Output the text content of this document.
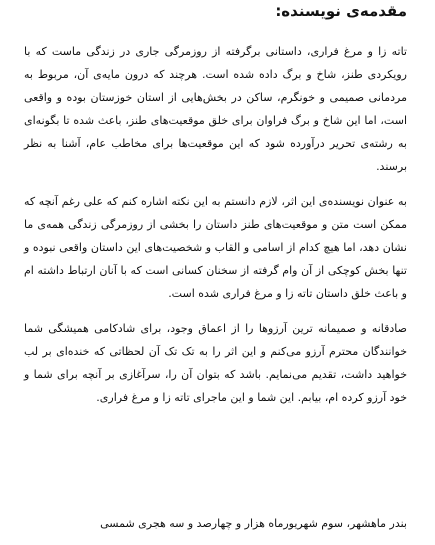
مقدمه‌ی نویسنده:

تاته زا و مرغ فراری، داستانی برگرفته از روزمرگی جاری در زندگی ماست که با رویکردی طنز، شاخ و برگ داده شده است. هرچند که درون مایه‌ی آن، مربوط به مردمانی صمیمی و خونگرم، ساکن در بخش‌هایی از استان خوزستان بوده و واقعی است، اما این شاخ و برگ فراوان برای خلق موقعیت‌های طنز، باعث شده تا بگونه‌ای به رشته‌ی تحریر درآورده شود که این موقعیت‌ها برای مخاطب عام، آشنا به نظر برسند.

به عنوان نویسنده‌ی این اثر، لازم دانستم به این نکته اشاره کنم که علی رغم آنچه که ممکن است متن و موقعیت‌های طنز داستان را بخشی از روزمرگی زندگی همه‌ی ما نشان دهد، اما هیچ کدام از اسامی و القاب و شخصیت‌های این داستان واقعی نبوده و تنها بخش کوچکی از آن وام گرفته از سخنان کسانی است که با آنان ارتباط داشته ام و باعث خلق داستان تاته زا و مرغ فراری شده است.

صادقانه و صمیمانه ترین آرزوها را از اعماق وجود، برای شادکامی همیشگی شما خوانندگان محترم آرزو می‌کنم و این اثر را به تک تک آن لحظاتی که خنده‌ای بر لب خواهید داشت، تقدیم می‌نمایم. باشد که بتوان آن را، سرآغازی بر آنچه برای شما و خود آرزو کرده ام، بیابم. این شما و این ماجرای تاته زا و مرغ فراری.

بندر ماهشهر، سوم شهریورماه هزار و چهارصد و سه هجری شمسی
